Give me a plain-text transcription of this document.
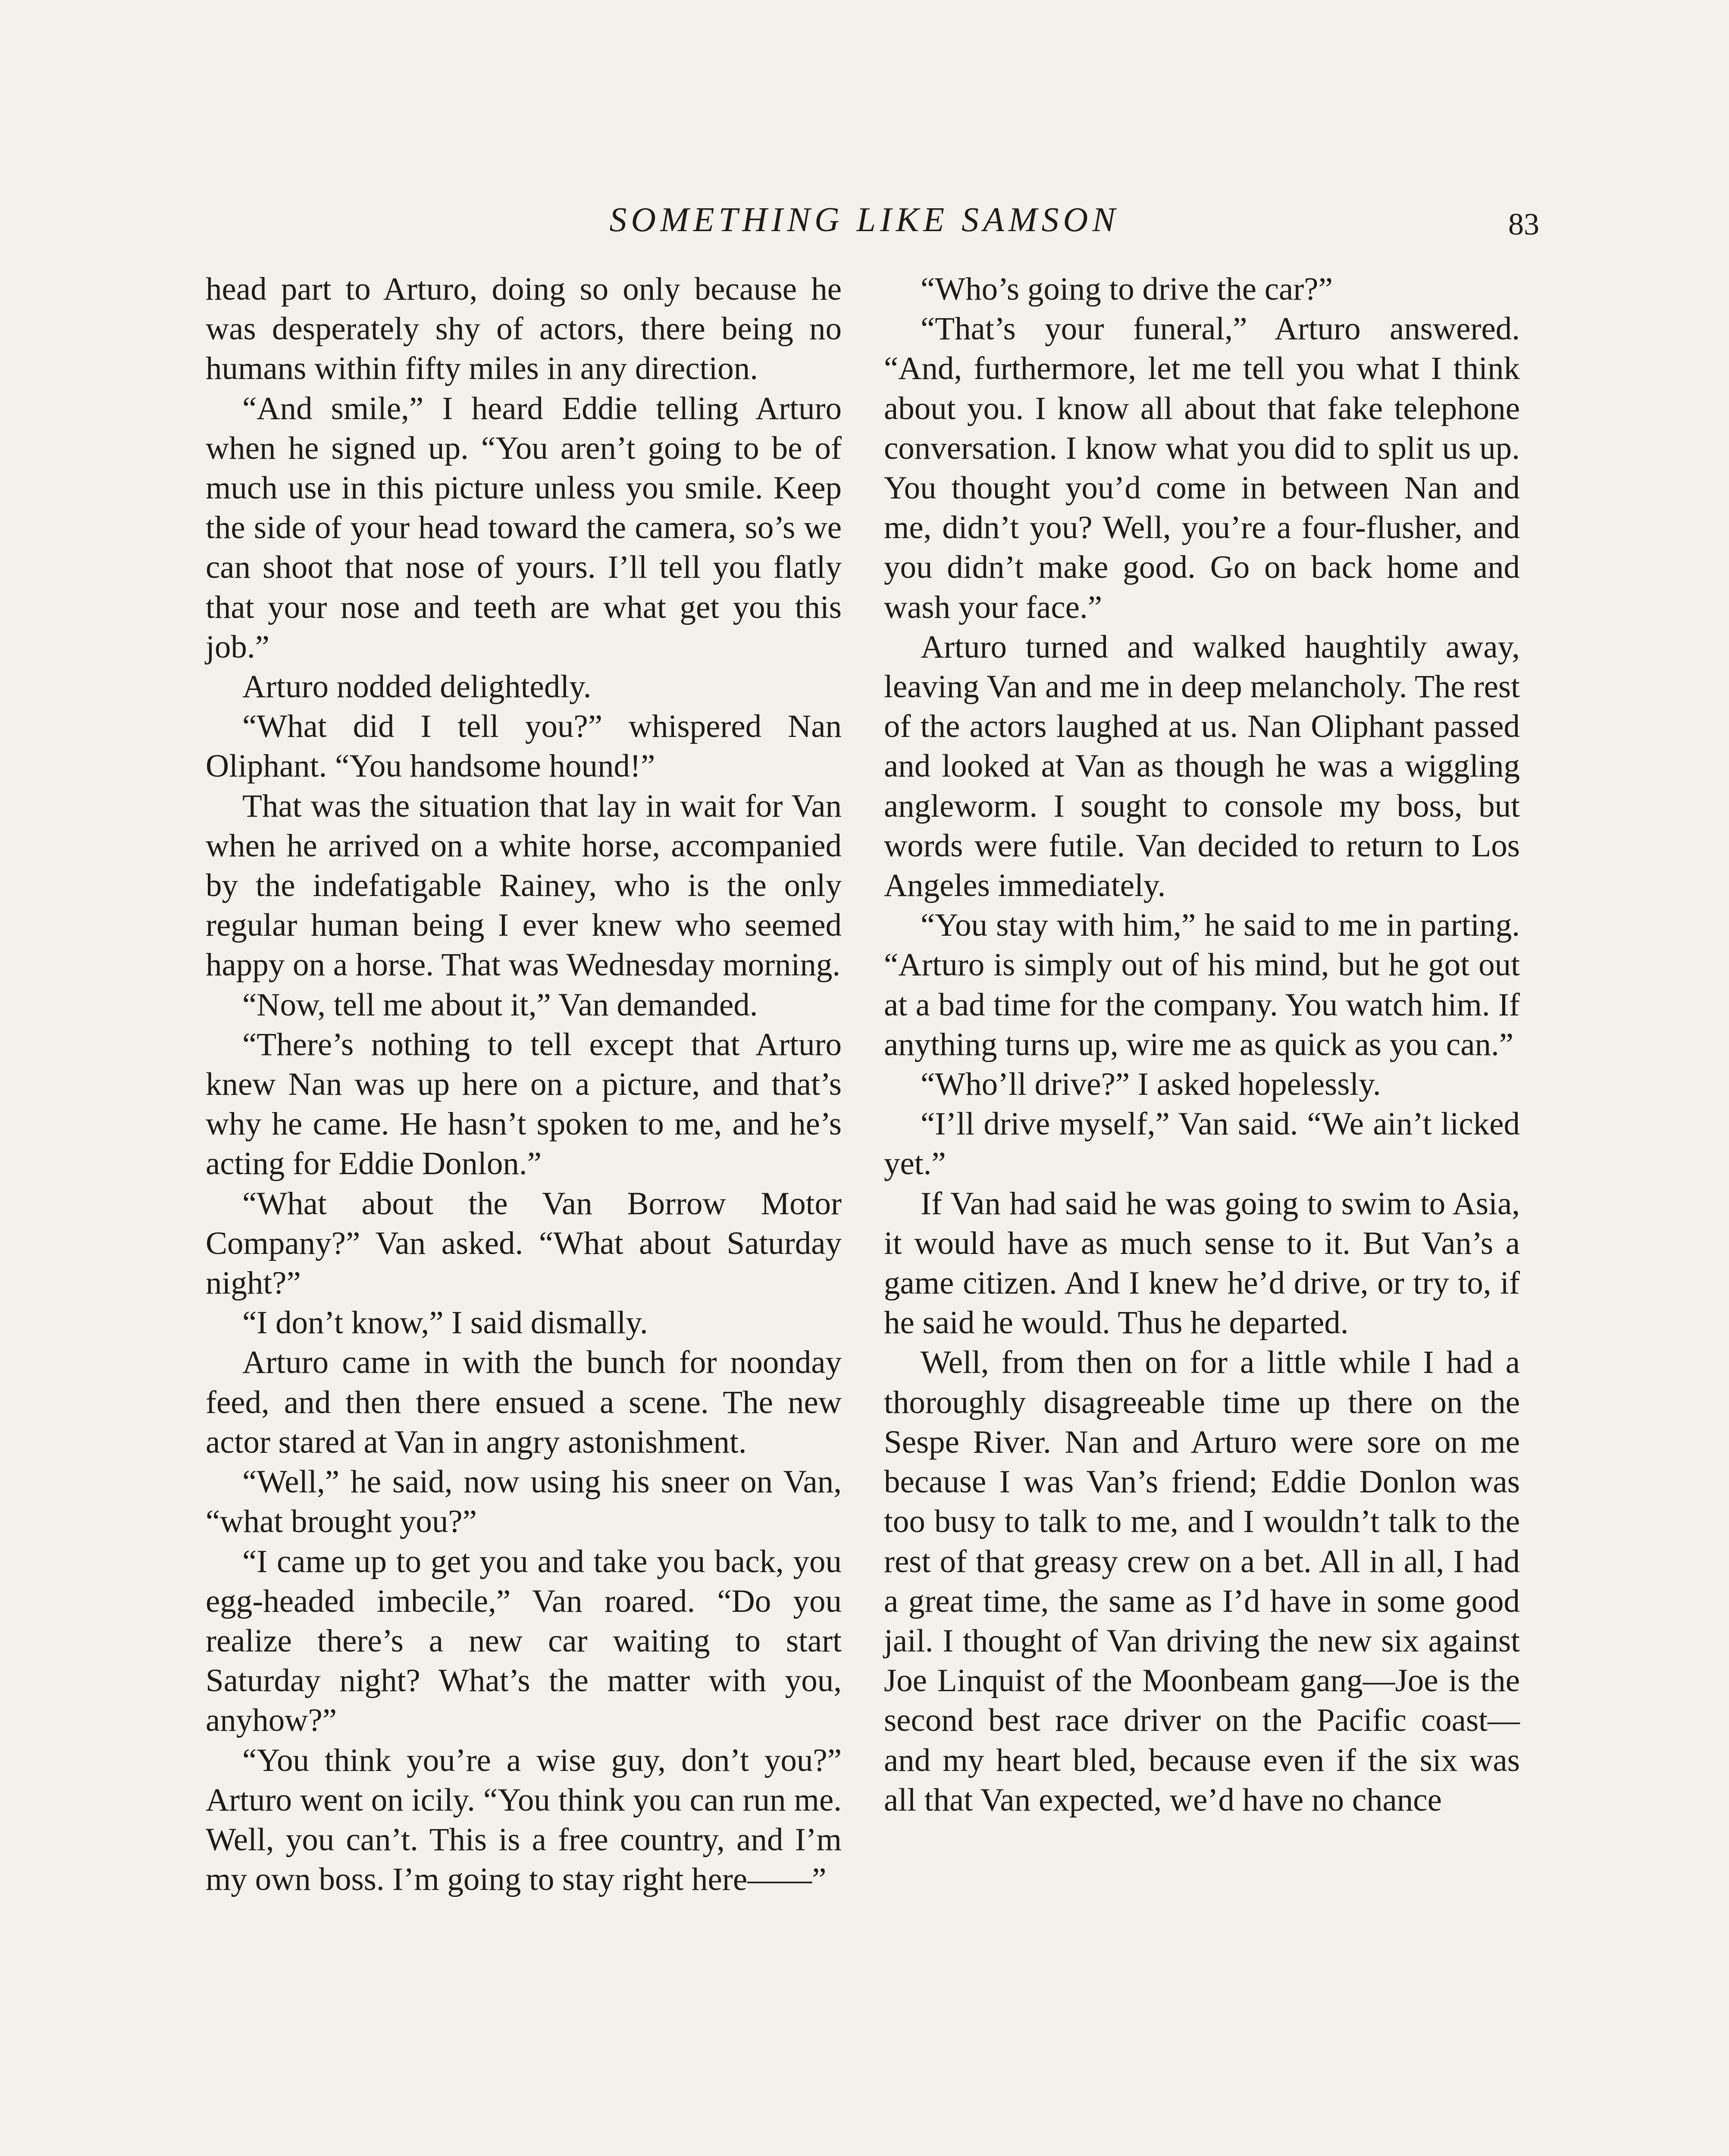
SOMETHING LIKE SAMSON	83

head part to Arturo, doing so only because he was desperately shy of actors, there being no humans within fifty miles in any direction.

“And smile,” I heard Eddie telling Arturo when he signed up. “You aren’t going to be of much use in this picture unless you smile. Keep the side of your head toward the camera, so’s we can shoot that nose of yours. I’ll tell you flatly that your nose and teeth are what get you this job.”

Arturo nodded delightedly.

“What did I tell you?” whispered Nan Oliphant. “You handsome hound!”

That was the situation that lay in wait for Van when he arrived on a white horse, accompanied by the indefatigable Rainey, who is the only regular human being I ever knew who seemed happy on a horse. That was Wednesday morning.

“Now, tell me about it,” Van demanded.

“There’s nothing to tell except that Arturo knew Nan was up here on a picture, and that’s why he came. He hasn’t spoken to me, and he’s acting for Eddie Donlon.”

“What about the Van Borrow Motor Company?” Van asked. “What about Saturday night?”

“I don’t know,” I said dismally.

Arturo came in with the bunch for noonday feed, and then there ensued a scene. The new actor stared at Van in angry astonishment.

“Well,” he said, now using his sneer on Van, “what brought you?”

“I came up to get you and take you back, you egg-headed imbecile,” Van roared. “Do you realize there’s a new car waiting to start Saturday night? What’s the matter with you, anyhow?”

“You think you’re a wise guy, don’t you?” Arturo went on icily. “You think you can run me. Well, you can’t. This is a free country, and I’m my own boss. I’m going to stay right here——”

“Who’s going to drive the car?”

“That’s your funeral,” Arturo answered. “And, furthermore, let me tell you what I think about you. I know all about that fake telephone conversation. I know what you did to split us up. You thought you’d come in between Nan and me, didn’t you? Well, you’re a four-flusher, and you didn’t make good. Go on back home and wash your face.”

Arturo turned and walked haughtily away, leaving Van and me in deep melancholy. The rest of the actors laughed at us. Nan Oliphant passed and looked at Van as though he was a wiggling angleworm. I sought to console my boss, but words were futile. Van decided to return to Los Angeles immediately.

“You stay with him,” he said to me in parting. “Arturo is simply out of his mind, but he got out at a bad time for the company. You watch him. If anything turns up, wire me as quick as you can.”

“Who’ll drive?” I asked hopelessly.

“I’ll drive myself,” Van said. “We ain’t licked yet.”

If Van had said he was going to swim to Asia, it would have as much sense to it. But Van’s a game citizen. And I knew he’d drive, or try to, if he said he would. Thus he departed.

Well, from then on for a little while I had a thoroughly disagreeable time up there on the Sespe River. Nan and Arturo were sore on me because I was Van’s friend; Eddie Donlon was too busy to talk to me, and I wouldn’t talk to the rest of that greasy crew on a bet. All in all, I had a great time, the same as I’d have in some good jail. I thought of Van driving the new six against Joe Linquist of the Moonbeam gang—Joe is the second best race driver on the Pacific coast—and my heart bled, because even if the six was all that Van expected, we’d have no chance
